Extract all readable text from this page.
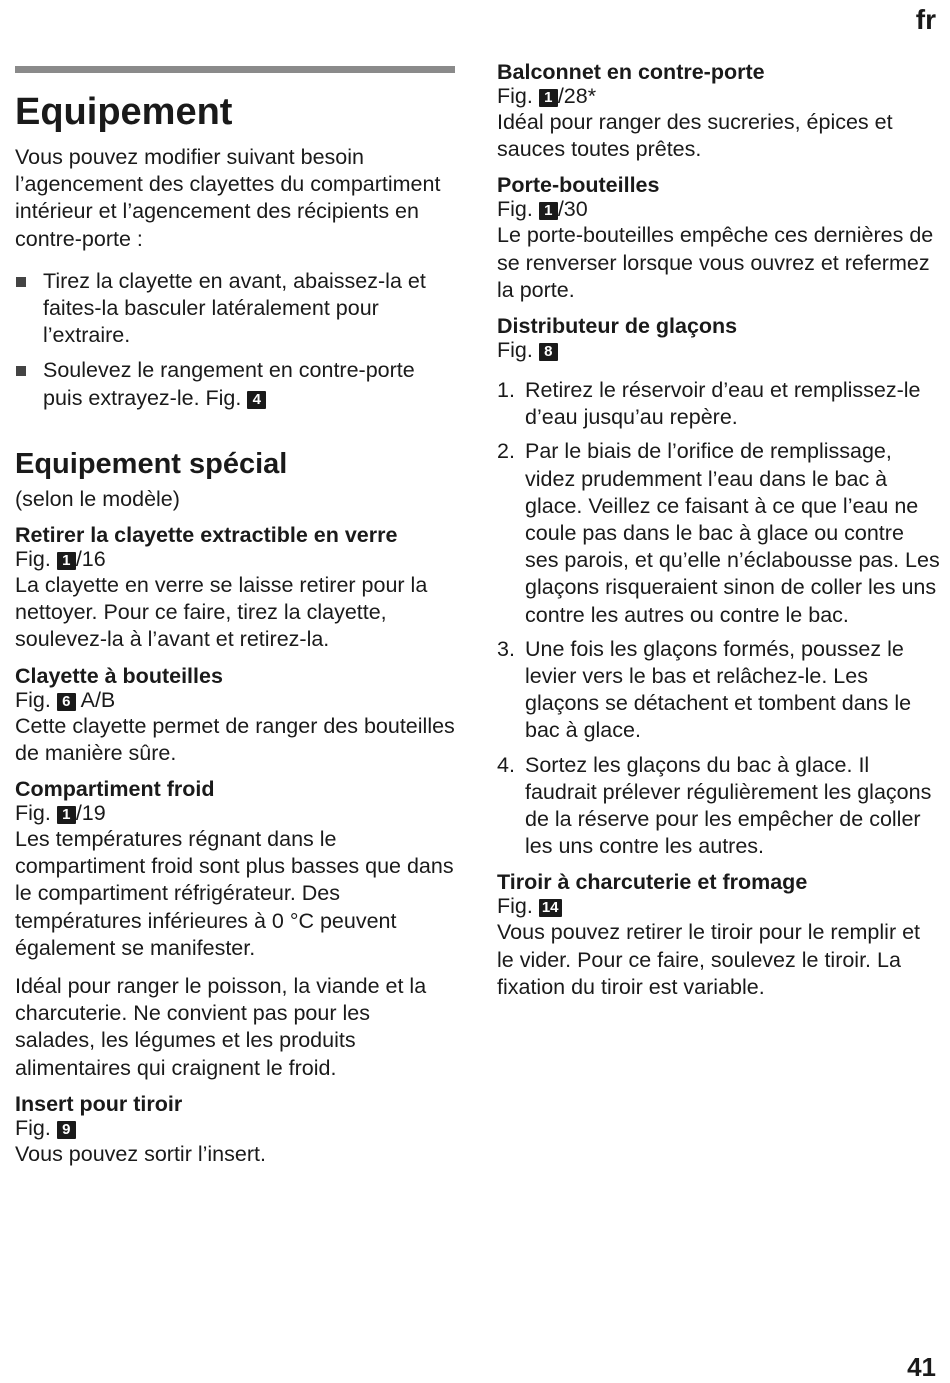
fr
Equipement

Vous pouvez modifier suivant besoin l’agencement des clayettes du compartiment intérieur et l’agencement des récipients en contre-porte :

Tirez la clayette en avant, abaissez-la et faites-la basculer latéralement pour l’extraire.
Soulevez le rangement en contre-porte puis extrayez-le. Fig. 4
Equipement spécial

(selon le modèle)

Retirer la clayette extractible en verre
Fig. 1 /16

La clayette en verre se laisse retirer pour la nettoyer. Pour ce faire, tirez la clayette, soulevez-la à l’avant et retirez-la.

Clayette à bouteilles
Fig. 6 A/B

Cette clayette permet de ranger des bouteilles de manière sûre.

Compartiment froid
Fig. 1 /19

Les températures régnant dans le compartiment froid sont plus basses que dans le compartiment réfrigérateur. Des températures inférieures à 0 °C peuvent également se manifester.

Idéal pour ranger le poisson, la viande et la charcuterie. Ne convient pas pour les salades, les légumes et les produits alimentaires qui craignent le froid.

Insert pour tiroir
Fig. 9

Vous pouvez sortir l’insert.

Balconnet en contre-porte
Fig. 1 /28*

Idéal pour ranger des sucreries, épices et sauces toutes prêtes.

Porte-bouteilles
Fig. 1 /30

Le porte-bouteilles empêche ces dernières de se renverser lorsque vous ouvrez et refermez la porte.

Distributeur de glaçons
Fig. 8
1. Retirez le réservoir d’eau et remplissez-le d’eau jusqu’au repère.
2. Par le biais de l’orifice de remplissage, videz prudemment l’eau dans le bac à glace. Veillez ce faisant à ce que l’eau ne coule pas dans le bac à glace ou contre ses parois, et qu’elle n’éclabousse pas. Les glaçons risqueraient sinon de coller les uns contre les autres ou contre le bac.
3. Une fois les glaçons formés, poussez le levier vers le bas et relâchez-le. Les glaçons se détachent et tombent dans le bac à glace.
4. Sortez les glaçons du bac à glace. Il faudrait prélever régulièrement les glaçons de la réserve pour les empêcher de coller les uns contre les autres.
Tiroir à charcuterie et fromage
Fig. 14

Vous pouvez retirer le tiroir pour le remplir et le vider. Pour ce faire, soulevez le tiroir. La fixation du tiroir est variable.

41
